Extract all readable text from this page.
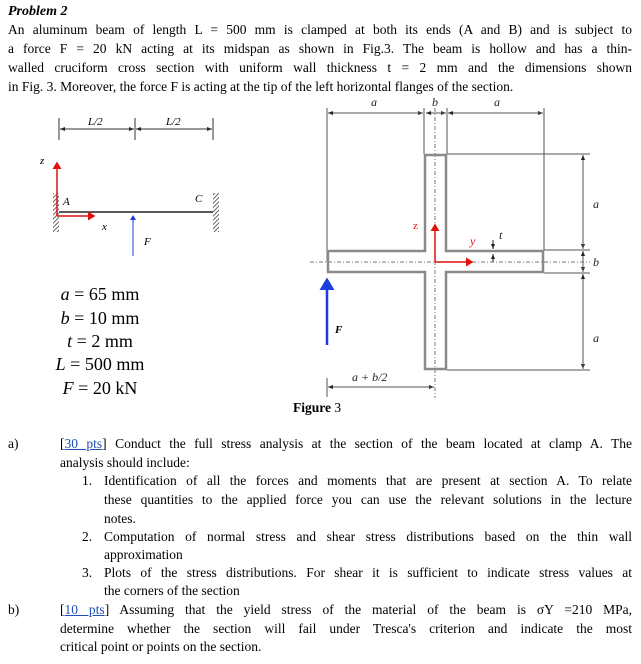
Problem 2
An aluminum beam of length L = 500 mm is clamped at both its ends (A and B) and is subject to
a force F = 20 kN acting at its midspan as shown in Fig.3. The beam is hollow and has a thin-
walled cruciform cross section with uniform wall thickness t = 2 mm and the dimensions shown
in Fig. 3. Moreover, the force F is acting at the tip of the left horizontal flanges of the section.
L/2	L/2
z
x
A	C
F
a	b	a
a
b
a
t
a + b/2
z
y
F
Figure 3
a = 65 mm
b = 10 mm
t = 2 mm
L = 500 mm
F = 20 kN
a)	[30 pts] Conduct the full stress analysis at the section of the beam located at clamp A. The
analysis should include:
1. Identification of all the forces and moments that are present at section A. To relate
these quantities to the applied force you can use the relevant solutions in the lecture
notes.
2. Computation of normal stress and shear stress distributions based on the thin wall
approximation
3. Plots of the stress distributions. For shear it is sufficient to indicate stress values at
the corners of the section
b)	[10 pts] Assuming that the yield stress of the material of the beam is σY =210 MPa,
determine whether the section will fail under Tresca's criterion and indicate the most
critical point or points on the section.
